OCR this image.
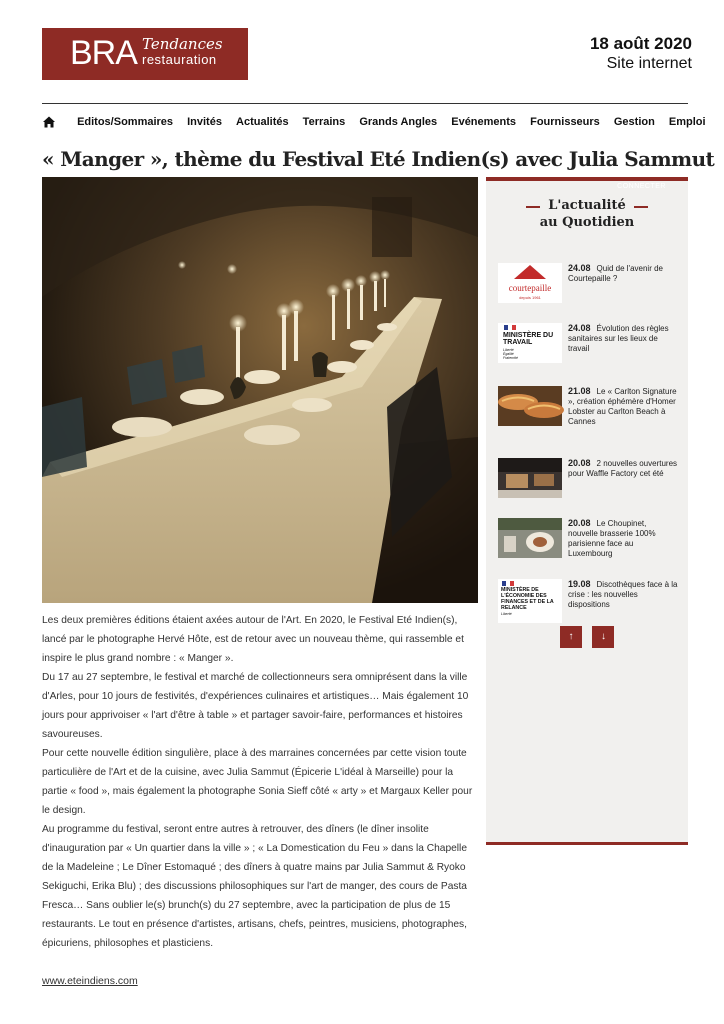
BRA Tendances
restauration
18 août 2020
Site internet
Editos/Sommaires Invités Actualités Terrains Grands Angles Evénements Fournisseurs Gestion Emploi
« Manger », thème du Festival Eté Indien(s) avec Julia Sammut

Les deux premières éditions étaient axées autour de l'Art. En 2020, le Festival Eté Indien(s), lancé par le photographe Hervé Hôte, est de retour avec un nouveau thème, qui rassemble et inspire le plus grand nombre : « Manger ».

Du 17 au 27 septembre, le festival et marché de collectionneurs sera omniprésent dans la ville d'Arles, pour 10 jours de festivités, d'expériences culinaires et artistiques… Mais également 10 jours pour apprivoiser « l'art d'être à table » et partager savoir-faire, performances et histoires savoureuses.

Pour cette nouvelle édition singulière, place à des marraines concernées par cette vision toute particulière de l'Art et de la cuisine, avec Julia Sammut (Épicerie L'idéal à Marseille) pour la partie « food », mais également la photographe Sonia Sieff côté « arty » et Margaux Keller pour le design.

Au programme du festival, seront entre autres à retrouver, des dîners (le dîner insolite d'inauguration par « Un quartier dans la ville » ; « La Domestication du Feu » dans la Chapelle de la Madeleine ; Le Dîner Estomaqué ; des dîners à quatre mains par Julia Sammut & Ryoko Sekiguchi, Erika Blu) ; des discussions philosophiques sur l'art de manger, des cours de Pasta Fresca… Sans oublier le(s) brunch(s) du 27 septembre, avec la participation de plus de 15 restaurants. Le tout en présence d'artistes, artisans, chefs, peintres, musiciens, photographes, épicuriens, philosophes et plasticiens.

www.eteindiens.com
CONNECTER
L'actualité
au Quotidien
courtepaille
depuis 1961
24.08 Quid de l'avenir de Courtepaille ?
MINISTÈRE DU TRAVAIL
Liberté Égalité Fraternité
24.08 Évolution des règles sanitaires sur les lieux de travail
21.08 Le « Carlton Signature », création éphémère d'Homer Lobster au Carlton Beach à Cannes
20.08 2 nouvelles ouvertures pour Waffle Factory cet été
20.08 Le Choupinet, nouvelle brasserie 100% parisienne face au Luxembourg
MINISTÈRE DE L'ÉCONOMIE DES FINANCES ET DE LA RELANCE
Liberté
19.08 Discothèques face à la crise : les nouvelles dispositions
↑
	↓
